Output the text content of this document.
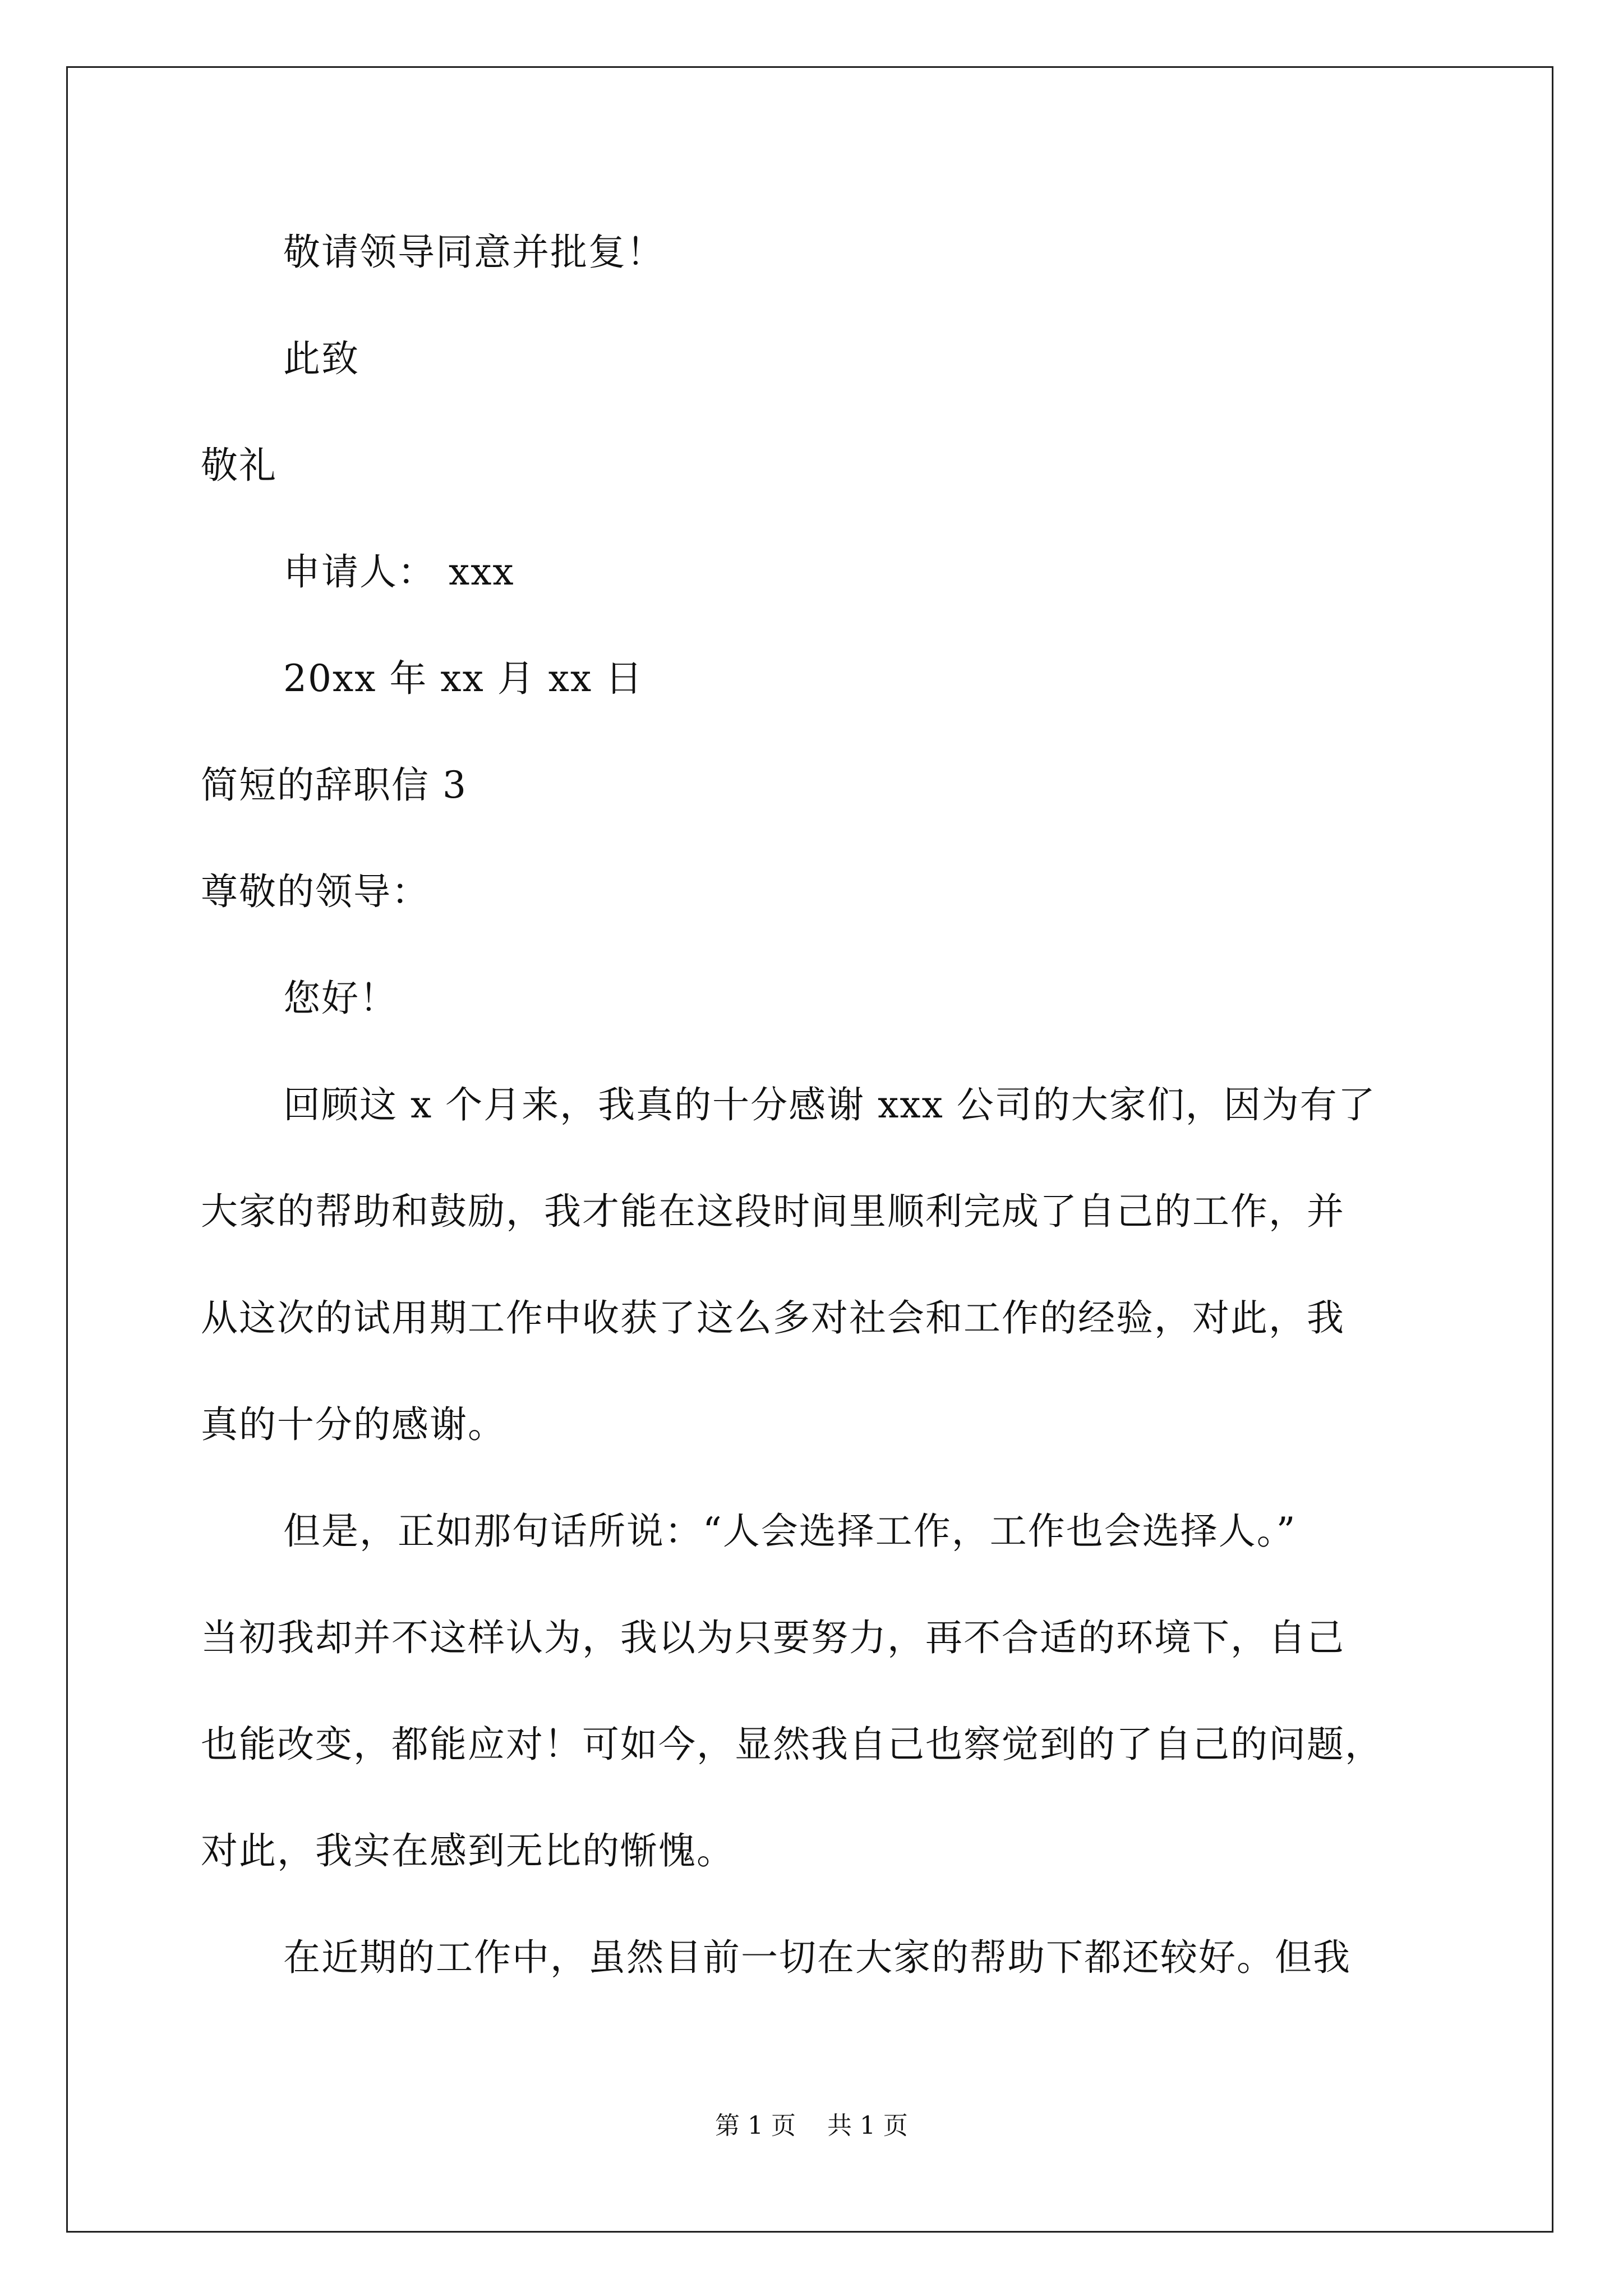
敬请领导同意并批复！
此致
敬礼
申请人： xxx
20xx 年 xx 月 xx 日
简短的辞职信 3
尊敬的领导：
您好！
回顾这 x 个月来，我真的十分感谢 xxx 公司的大家们，因为有了
大家的帮助和鼓励，我才能在这段时间里顺利完成了自己的工作，并
从这次的试用期工作中收获了这么多对社会和工作的经验，对此，我
真的十分的感谢。
但是，正如那句话所说：“人会选择工作，工作也会选择人。”
当初我却并不这样认为，我以为只要努力，再不合适的环境下，自己
也能改变，都能应对！可如今，显然我自己也察觉到的了自己的问题，
对此，我实在感到无比的惭愧。
在近期的工作中，虽然目前一切在大家的帮助下都还较好。但我
第 1 页    共 1 页
